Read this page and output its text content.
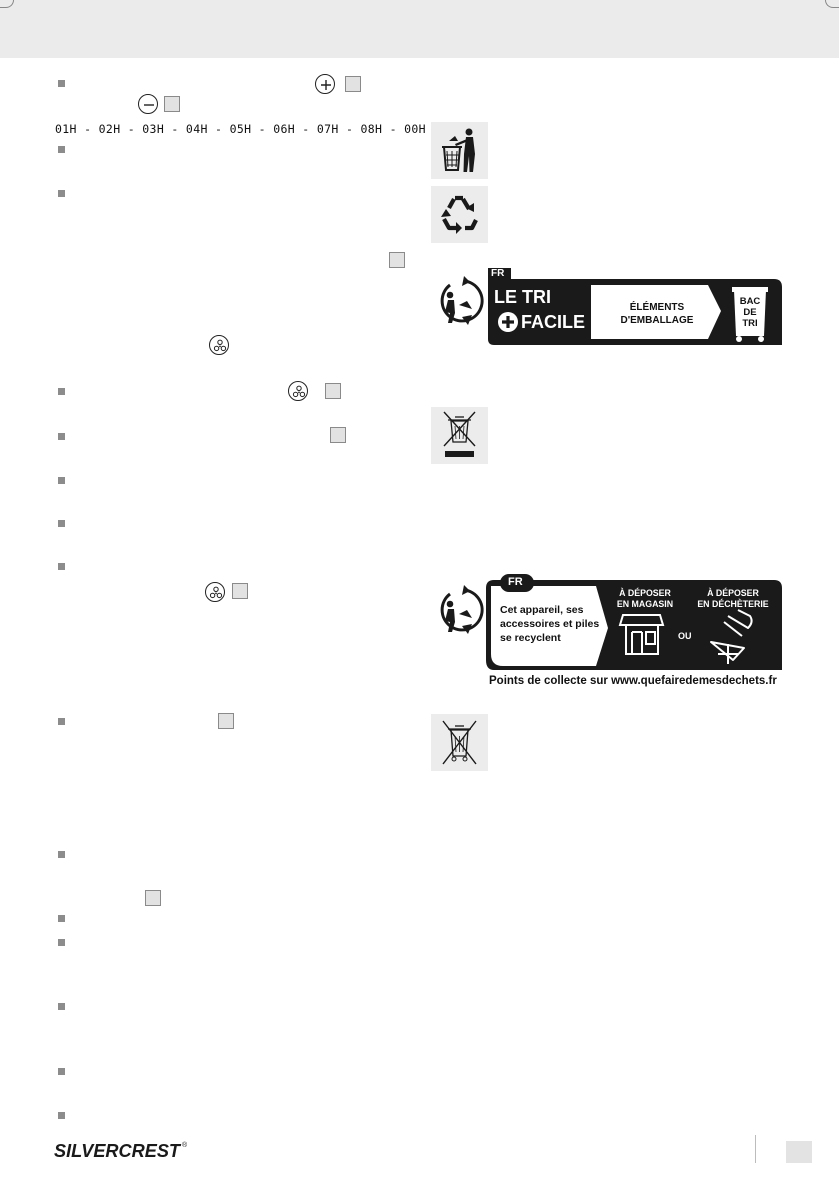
01H - 02H - 03H - 04H - 05H - 06H - 07H - 08H - 00H
FR
LE TRI
FACILE
ÉLÉMENTS
D'EMBALLAGE
BAC
DE
TRI
FR
Cet appareil, ses
accessoires et piles
se recyclent
À DÉPOSER
EN MAGASIN
OU
À DÉPOSER
EN DÉCHÈTERIE
Points de collecte sur www.quefairedemesdechets.fr
SILVERCREST ®
